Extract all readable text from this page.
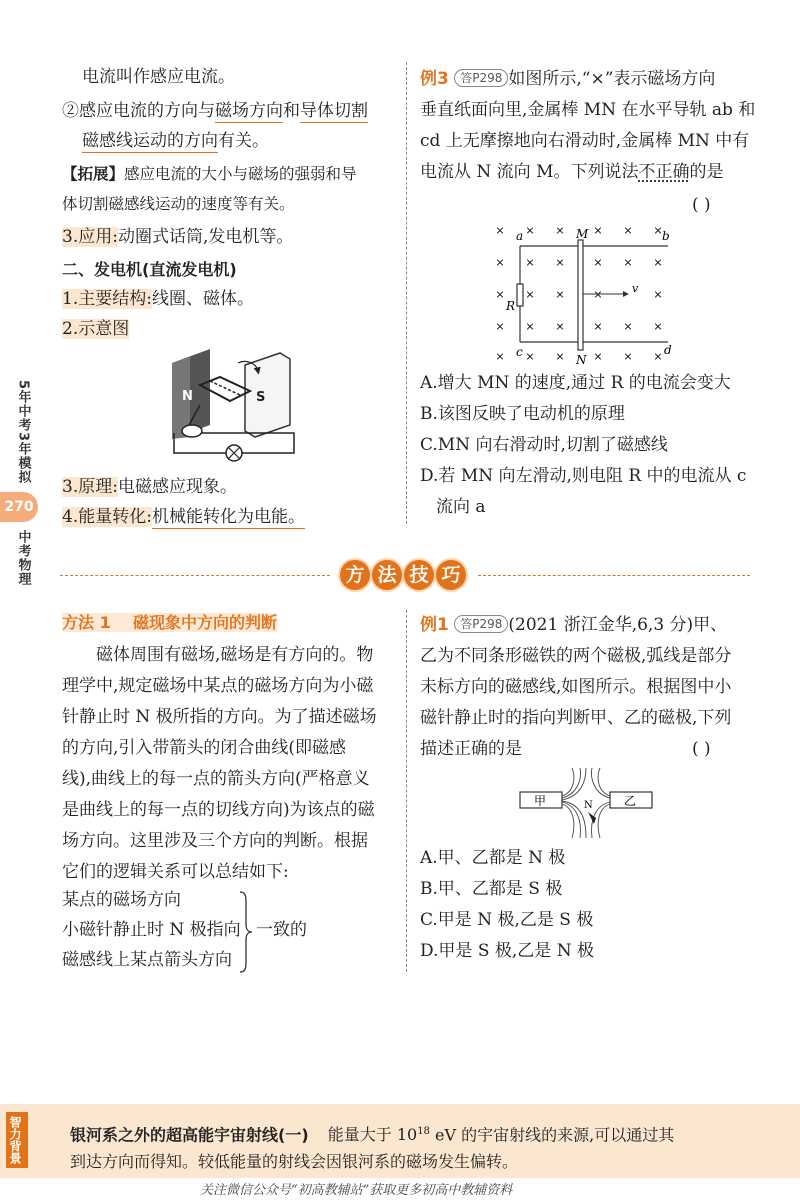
5年中考3年模拟
270
中考物理
电流叫作感应电流。
②感应电流的方向与磁场方向和导体切割
磁感线运动的方向有关。
【拓展】感应电流的大小与磁场的强弱和导
体切割磁感线运动的速度等有关。
3.应用:动圈式话筒,发电机等。
二、发电机(直流发电机)
1.主要结构:线圈、磁体。
2.示意图
N	S
3.原理:电磁感应现象。
4.能量转化:机械能转化为电能。
例3 答P298 如图所示,“×”表示磁场方向
垂直纸面向里,金属棒 MN 在水平导轨 ab 和
cd 上无摩擦地向右滑动时,金属棒 MN 中有
电流从 N 流向 M。下列说法不正确的是
( )
× × ×	× × ×
× × ×	× × ×
× × ×	×	×
× × ×	× × ×
× × ×	× × ×
a	b
c	d
M
N
R
v
A.增大 MN 的速度,通过 R 的电流会变大
B.该图反映了电动机的原理
C.MN 向右滑动时,切割了磁感线
D.若 MN 向左滑动,则电阻 R 中的电流从 c
流向 a
方 法 技 巧
方法 1    磁现象中方向的判断
磁体周围有磁场,磁场是有方向的。物
理学中,规定磁场中某点的磁场方向为小磁
针静止时 N 极所指的方向。为了描述磁场
的方向,引入带箭头的闭合曲线(即磁感
线),曲线上的每一点的箭头方向(严格意义
是曲线上的每一点的切线方向)为该点的磁
场方向。这里涉及三个方向的判断。根据
它们的逻辑关系可以总结如下:
某点的磁场方向
小磁针静止时 N 极指向
磁感线上某点箭头方向
一致的
例1 答P298 (2021 浙江金华,6,3 分)甲、
乙为不同条形磁铁的两个磁极,弧线是部分
未标方向的磁感线,如图所示。根据图中小
磁针静止时的指向判断甲、乙的磁极,下列
描述正确的是	( )
甲	乙
N
A.甲、乙都是 N 极
B.甲、乙都是 S 极
C.甲是 N 极,乙是 S 极
D.甲是 S 极,乙是 N 极
智力背景	银河系之外的超高能宇宙射线(一) 能量大于 $10^{18}$ eV 的宇宙射线的来源,可以通过其
到达方向而得知。较低能量的射线会因银河系的磁场发生偏转。
关注微信公众号“初高教辅站”获取更多初高中教辅资料
